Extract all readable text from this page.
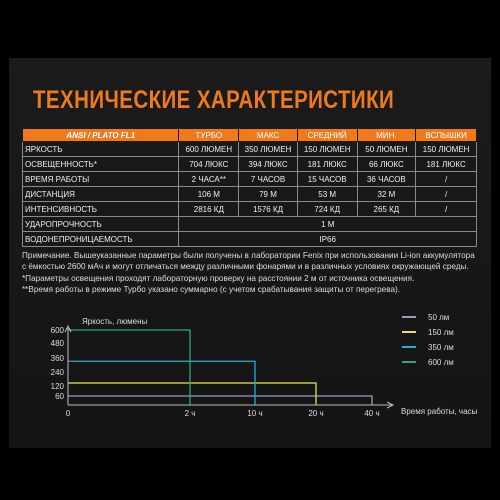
ТЕХНИЧЕСКИЕ ХАРАКТЕРИСТИКИ
ANSI / PLATO FL1	ТУРБО	МАКС	СРЕДНИЙ	МИН.	ВСПЫШКИ
ЯРКОСТЬ	600 ЛЮМЕН	350 ЛЮМЕН	150 ЛЮМЕН	50 ЛЮМЕН	150 ЛЮМЕН
ОСВЕЩЕННОСТЬ*	704 ЛЮКС	394 ЛЮКС	181 ЛЮКС	66 ЛЮКС	181 ЛЮКС
ВРЕМЯ РАБОТЫ	2 ЧАСА**	7 ЧАСОВ	15 ЧАСОВ	36 ЧАСОВ	/
ДИСТАНЦИЯ	106 М	79 М	53 М	32 М	/
ИНТЕНСИВНОСТЬ	2816 КД	1576 КД	724 КД	265 КД	/
УДАРОПРОЧНОСТЬ	1 М				
ВОДОНЕПРОНИЦАЕМОСТЬ	IP66				

Примечание. Вышеуказанные параметры были получены в лаборатории Fenix при использовании Li-ion аккумулятора с ёмкостью 2600 мАч и могут отличаться между различными фонарями и в различных условиях окружающей среды.

*Параметры освещения проходят лабораторную проверку на расстоянии 2 м от источника освещения.

**Время работы в режиме Турбо указано суммарно (с учетом срабатывания защиты от перегрева).

Яркость, люмены
Время работы, часы
600
480
360
240
120
60
0	2 ч	10 ч	20 ч	40 ч
50 лм
150 лм
350 лм
600 лм
